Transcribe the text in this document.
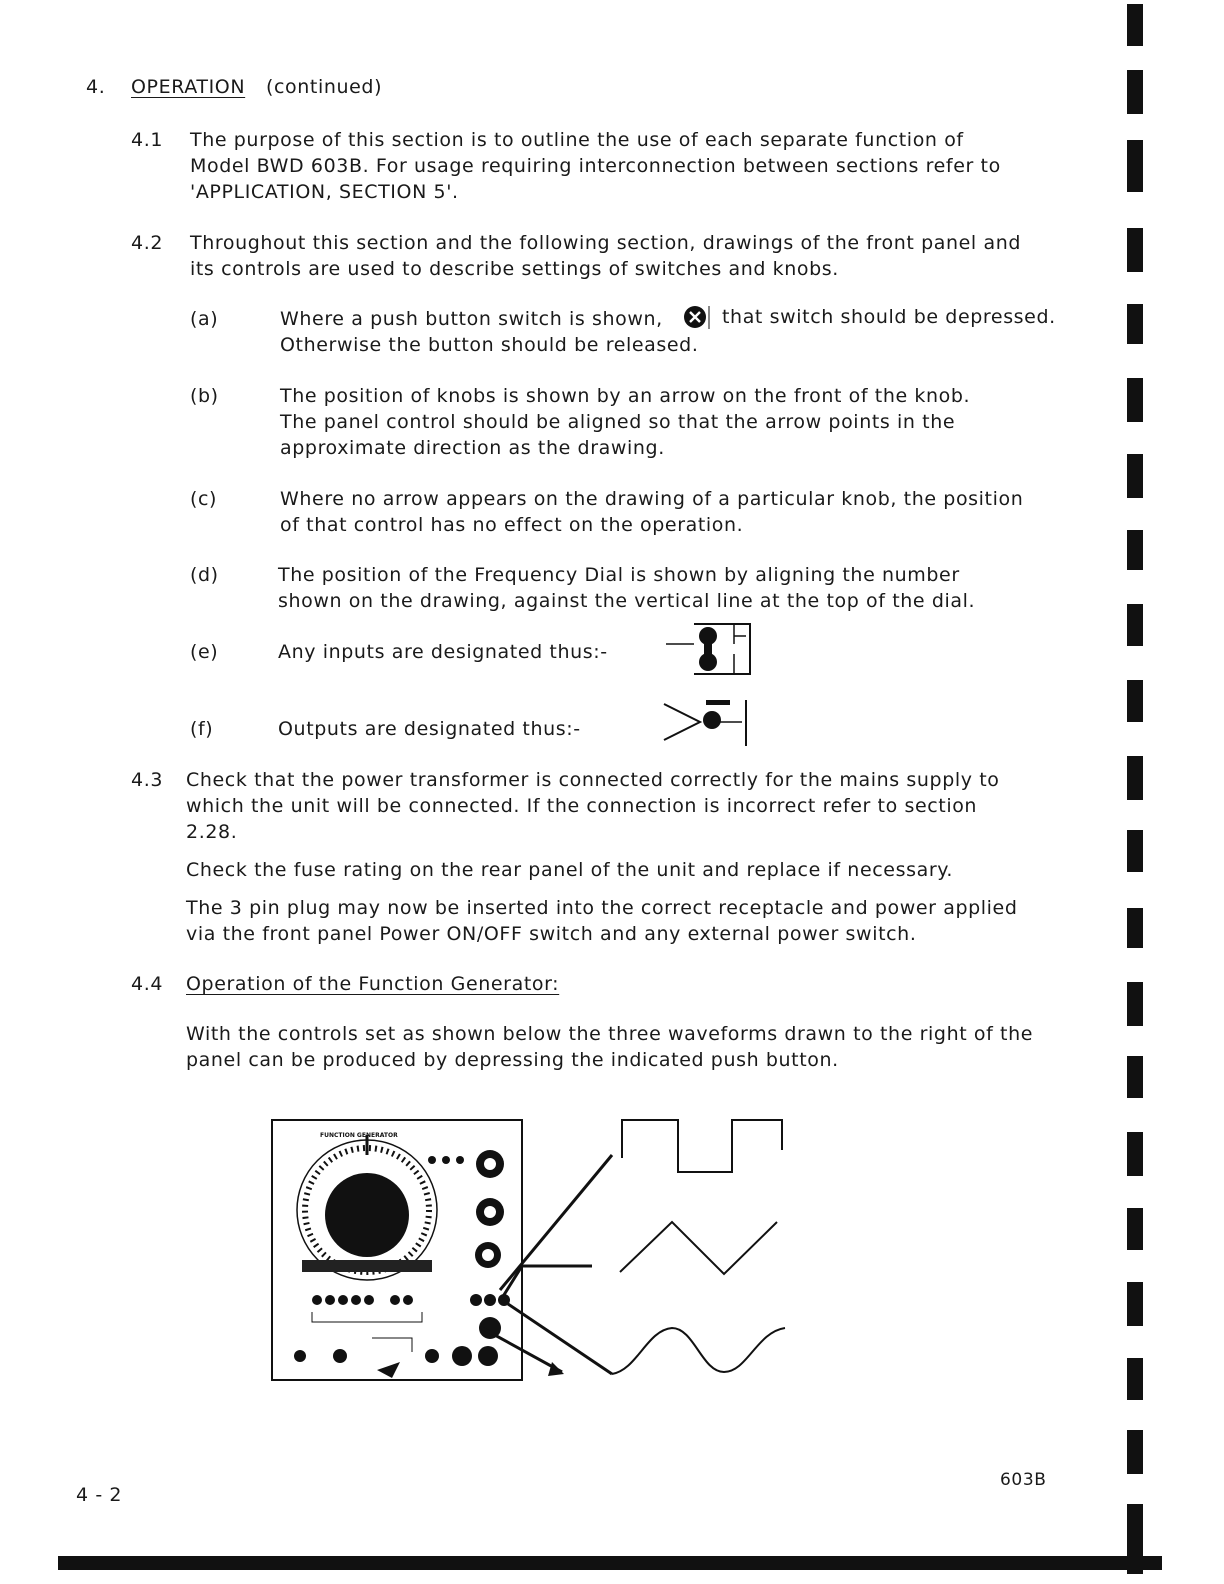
4. OPERATION (continued)
4.1 The purpose of this section is to outline the use of each separate function of
Model BWD 603B. For usage requiring interconnection between sections refer to
'APPLICATION, SECTION 5'.
4.2 Throughout this section and the following section, drawings of the front panel and
its controls are used to describe settings of switches and knobs.
(a)	Where a push button switch is shown,	that switch should be depressed.
Otherwise the button should be released.
(b)	The position of knobs is shown by an arrow on the front of the knob.
The panel control should be aligned so that the arrow points in the
approximate direction as the drawing.
(c)	Where no arrow appears on the drawing of a particular knob, the position
of that control has no effect on the operation.
(d)	The position of the Frequency Dial is shown by aligning the number
shown on the drawing, against the vertical line at the top of the dial.
(e)	Any inputs are designated thus:-
(f)	Outputs are designated thus:-
4.3 Check that the power transformer is connected correctly for the mains supply to
which the unit will be connected. If the connection is incorrect refer to section
2.28.
Check the fuse rating on the rear panel of the unit and replace if necessary.
The 3 pin plug may now be inserted into the correct receptacle and power applied
via the front panel Power ON/OFF switch and any external power switch.
4.4 Operation of the Function Generator:
With the controls set as shown below the three waveforms drawn to the right of the
panel can be produced by depressing the indicated push button.
FUNCTION GENERATOR
4 - 2
603B
